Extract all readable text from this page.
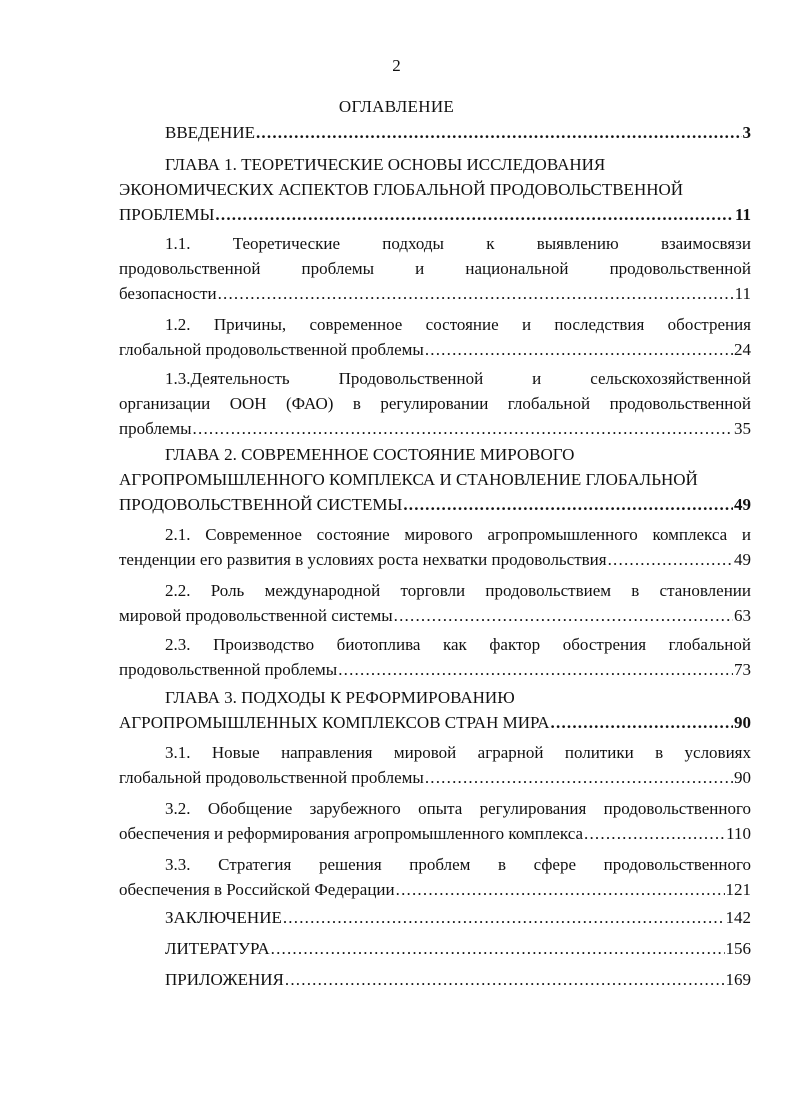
2
ОГЛАВЛЕНИЕ
ВВЕДЕНИЕ .....	3
ГЛАВА 1. ТЕОРЕТИЧЕСКИЕ ОСНОВЫ ИССЛЕДОВАНИЯ
ЭКОНОМИЧЕСКИХ АСПЕКТОВ ГЛОБАЛЬНОЙ ПРОДОВОЛЬСТВЕННОЙ
ПРОБЛЕМЫ .....	11
1.1. Теоретические подходы к выявлению взаимосвязи
продовольственной проблемы и национальной продовольственной
безопасности .....	11
1.2. Причины, современное состояние и последствия обострения
глобальной продовольственной проблемы .....	24
1.3.Деятельность Продовольственной и сельскохозяйственной
организации ООН (ФАО) в регулировании глобальной продовольственной
проблемы .....	35
ГЛАВА 2. СОВРЕМЕННОЕ СОСТОЯНИЕ МИРОВОГО
АГРОПРОМЫШЛЕННОГО КОМПЛЕКСА И СТАНОВЛЕНИЕ ГЛОБАЛЬНОЙ
ПРОДОВОЛЬСТВЕННОЙ СИСТЕМЫ .....	49
2.1. Современное состояние мирового агропромышленного комплекса и
тенденции его развития в условиях роста нехватки продовольствия .....	49
2.2. Роль международной торговли продовольствием в становлении
мировой продовольственной системы .....	63
2.3. Производство биотоплива как фактор обострения глобальной
продовольственной проблемы .....	73
ГЛАВА 3. ПОДХОДЫ К РЕФОРМИРОВАНИЮ
АГРОПРОМЫШЛЕННЫХ КОМПЛЕКСОВ СТРАН МИРА .....	90
3.1. Новые направления мировой аграрной политики в условиях
глобальной продовольственной проблемы .....	90
3.2. Обобщение зарубежного опыта регулирования продовольственного
обеспечения и реформирования агропромышленного комплекса .....	110
3.3. Стратегия решения проблем в сфере продовольственного
обеспечения в Российской Федерации .....	121
ЗАКЛЮЧЕНИЕ .....	142
ЛИТЕРАТУРА .....	156
ПРИЛОЖЕНИЯ .....	169
